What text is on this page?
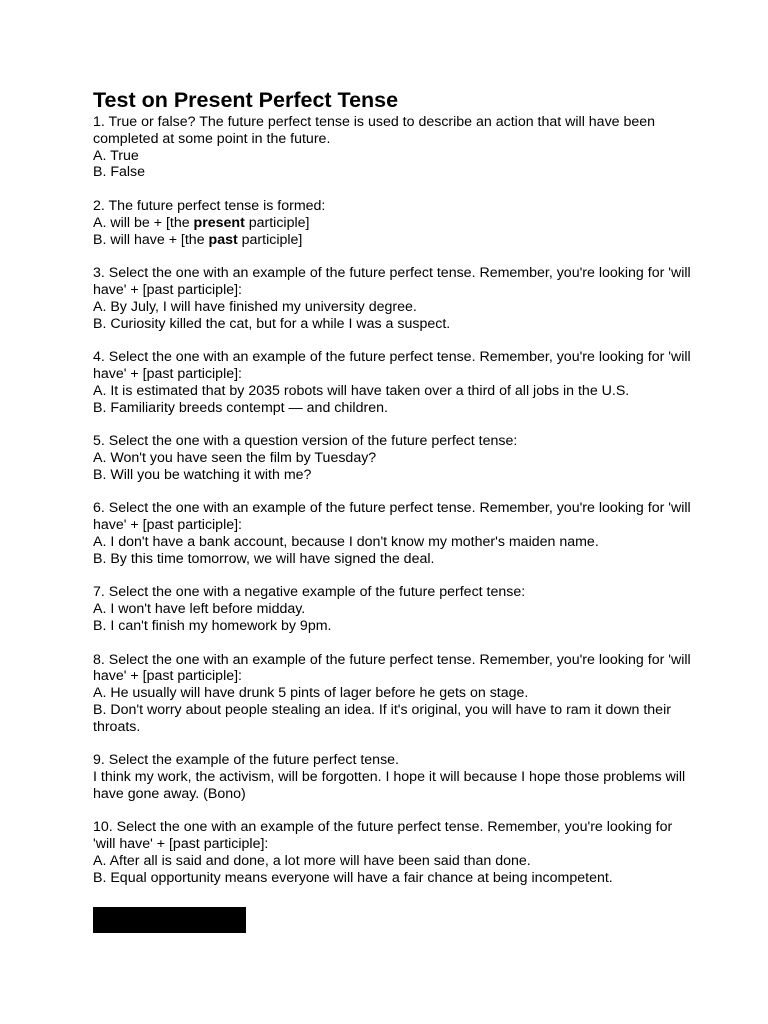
Test on Present Perfect Tense

1. True or false? The future perfect tense is used to describe an action that will have been completed at some point in the future.

A. True

B. False

2. The future perfect tense is formed:

A. will be + [the present participle]

B. will have + [the past participle]

3. Select the one with an example of the future perfect tense. Remember, you're looking for 'will have' + [past participle]:

A. By July, I will have finished my university degree.

B. Curiosity killed the cat, but for a while I was a suspect.

4. Select the one with an example of the future perfect tense. Remember, you're looking for 'will have' + [past participle]:

A. It is estimated that by 2035 robots will have taken over a third of all jobs in the U.S.

B. Familiarity breeds contempt — and children.

5. Select the one with a question version of the future perfect tense:

A. Won't you have seen the film by Tuesday?

B. Will you be watching it with me?

6. Select the one with an example of the future perfect tense. Remember, you're looking for 'will have' + [past participle]:

A. I don't have a bank account, because I don't know my mother's maiden name.

B. By this time tomorrow, we will have signed the deal.

7. Select the one with a negative example of the future perfect tense:

A. I won't have left before midday.

B. I can't finish my homework by 9pm.

8. Select the one with an example of the future perfect tense. Remember, you're looking for 'will have' + [past participle]:

A. He usually will have drunk 5 pints of lager before he gets on stage.

B. Don't worry about people stealing an idea. If it's original, you will have to ram it down their throats.

9. Select the example of the future perfect tense.

I think my work, the activism, will be forgotten. I hope it will because I hope those problems will have gone away. (Bono)

10. Select the one with an example of the future perfect tense. Remember, you're looking for 'will have' + [past participle]:

A. After all is said and done, a lot more will have been said than done.

B. Equal opportunity means everyone will have a fair chance at being incompetent.
